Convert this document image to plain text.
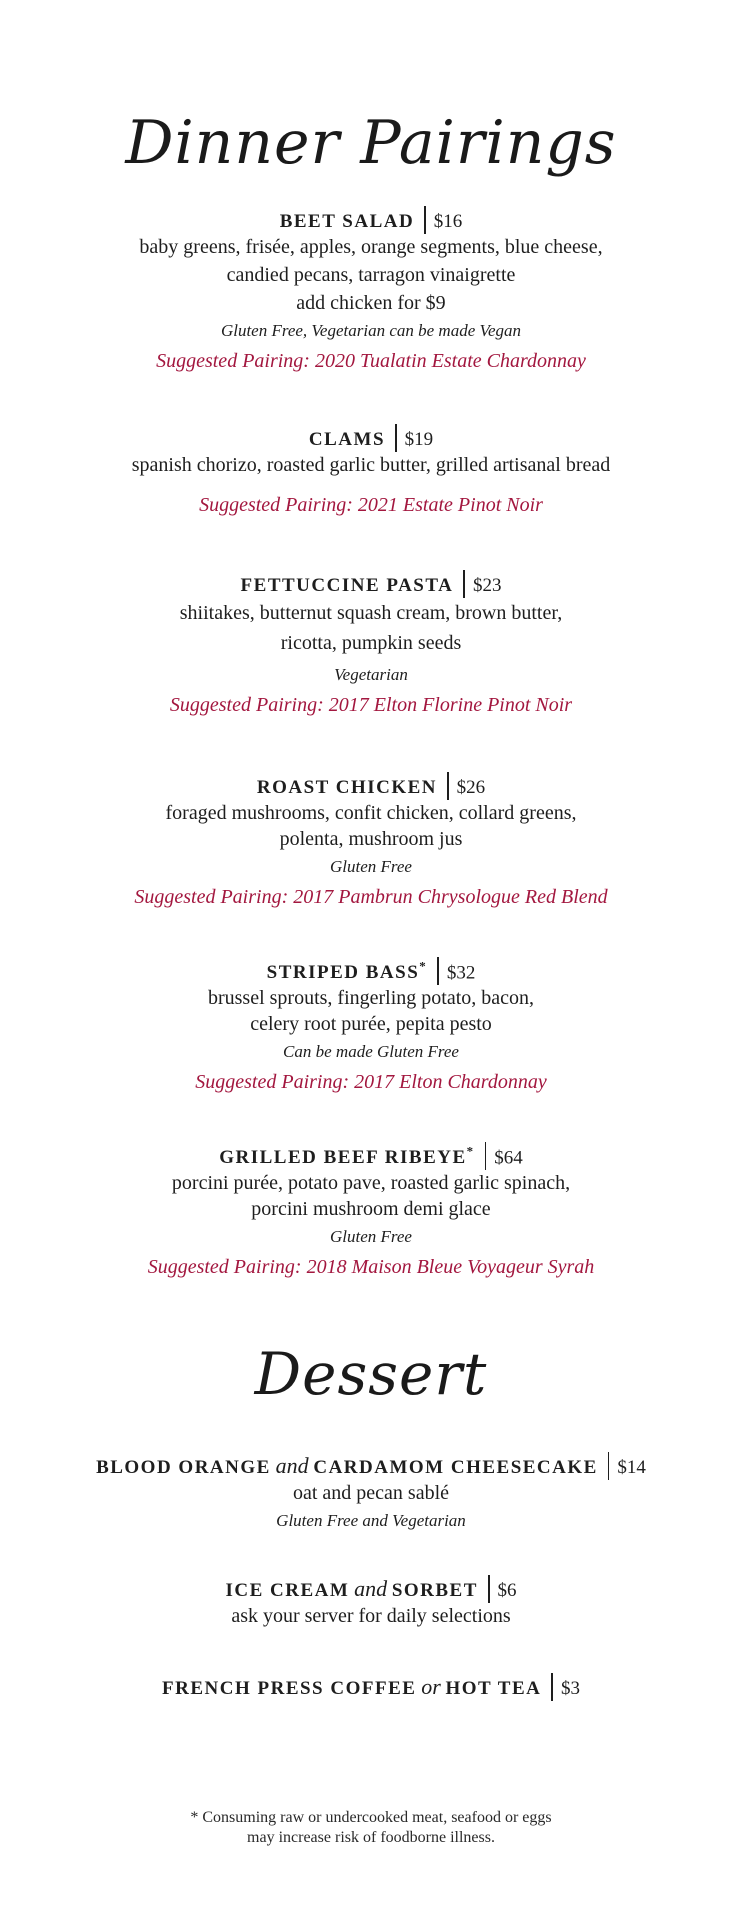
Dinner Pairings
BEET SALAD $16
baby greens, frisée, apples, orange segments, blue cheese,
candied pecans, tarragon vinaigrette
add chicken for $9
Gluten Free, Vegetarian can be made Vegan
Suggested Pairing: 2020 Tualatin Estate Chardonnay
CLAMS $19
spanish chorizo, roasted garlic butter, grilled artisanal bread
Suggested Pairing: 2021 Estate Pinot Noir
FETTUCCINE PASTA $23
shiitakes, butternut squash cream, brown butter,
ricotta, pumpkin seeds
Vegetarian
Suggested Pairing: 2017 Elton Florine Pinot Noir
ROAST CHICKEN $26
foraged mushrooms, confit chicken, collard greens,
polenta, mushroom jus
Gluten Free
Suggested Pairing: 2017 Pambrun Chrysologue Red Blend
STRIPED BASS* $32
brussel sprouts, fingerling potato, bacon,
celery root purée, pepita pesto
Can be made Gluten Free
Suggested Pairing: 2017 Elton Chardonnay
GRILLED BEEF RIBEYE* $64
porcini purée, potato pave, roasted garlic spinach,
porcini mushroom demi glace
Gluten Free
Suggested Pairing: 2018 Maison Bleue Voyageur Syrah
Dessert
BLOOD ORANGE and CARDAMOM CHEESECAKE $14
oat and pecan sablé
Gluten Free and Vegetarian
ICE CREAM and SORBET $6
ask your server for daily selections
FRENCH PRESS COFFEE or HOT TEA $3
* Consuming raw or undercooked meat, seafood or eggs
may increase risk of foodborne illness.
